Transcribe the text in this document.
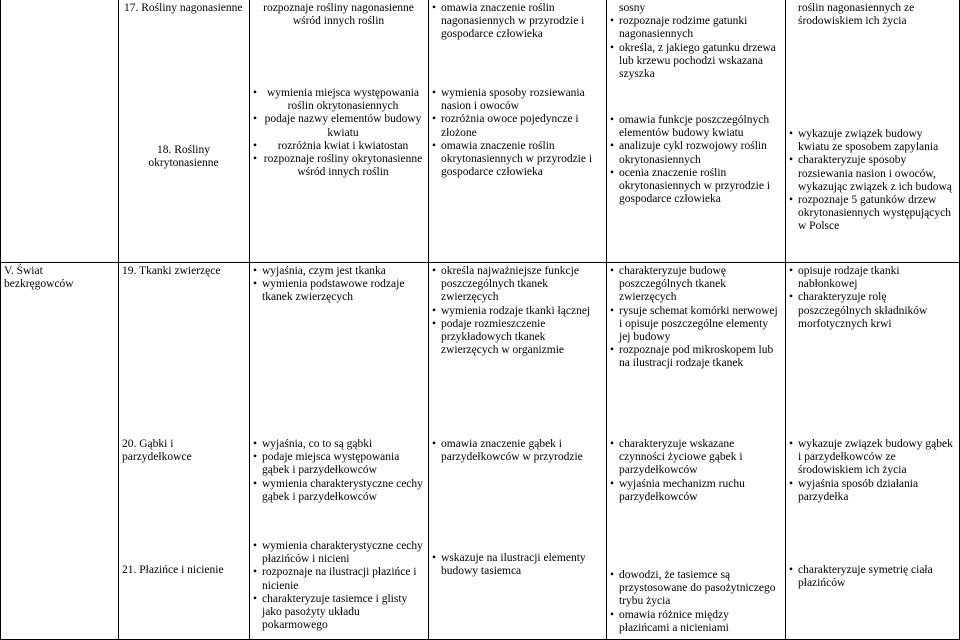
17. Rośliny nagonasienne
18. Rośliny okrytonasienne
rozpoznaje rośliny nagonasienne wśród innych roślin
• wymienia miejsca występowania roślin okrytonasiennych
• podaje nazwy elementów budowy kwiatu
• rozróżnia kwiat i kwiatostan
• rozpoznaje rośliny okrytonasienne wśród innych roślin
• omawia znaczenie roślin nagonasiennych w przyrodzie i gospodarce człowieka
• wymienia sposoby rozsiewania nasion i owoców
• rozróżnia owoce pojedyncze i złożone
• omawia znaczenie roślin okrytonasiennych w przyrodzie i gospodarce człowieka
sosny
• rozpoznaje rodzime gatunki nagonasiennych
• określa, z jakiego gatunku drzewa lub krzewu pochodzi wskazana szyszka
• omawia funkcje poszczególnych elementów budowy kwiatu
• analizuje cykl rozwojowy roślin okrytonasiennych
• ocenia znaczenie roślin okrytonasiennych w przyrodzie i gospodarce człowieka
roślin nagonasiennych ze środowiskiem ich życia
• wykazuje związek budowy kwiatu ze sposobem zapylania
• charakteryzuje sposoby rozsiewania nasion i owoców, wykazując związek z ich budową
• rozpoznaje 5 gatunków drzew okrytonasiennych występujących w Polsce
V. Świat bezkręgowców
19. Tkanki zwierzęce	• wyjaśnia, czym jest tkanka
• wymienia podstawowe rodzaje tkanek zwierzęcych
• określa najważniejsze funkcje poszczególnych tkanek zwierzęcych
• wymienia rodzaje tkanki łącznej
• podaje rozmieszczenie przykładowych tkanek zwierzęcych w organizmie
• charakteryzuje budowę poszczególnych tkanek zwierzęcych
• rysuje schemat komórki nerwowej i opisuje poszczególne elementy jej budowy
• rozpoznaje pod mikroskopem lub na ilustracji rodzaje tkanek
• opisuje rodzaje tkanki nabłonkowej
• charakteryzuje rolę poszczególnych składników morfotycznych krwi
20. Gąbki i parzydełkowce
• wyjaśnia, co to są gąbki
• podaje miejsca występowania gąbek i parzydełkowców
• wymienia charakterystyczne cechy gąbek i parzydełkowców
• omawia znaczenie gąbek i parzydełkowców w przyrodzie
• charakteryzuje wskazane czynności życiowe gąbek i parzydełkowców
• wyjaśnia mechanizm ruchu parzydełkowców
• wykazuje związek budowy gąbek i parzydełkowców ze środowiskiem ich życia
• wyjaśnia sposób działania parzydełka
21. Płazińce i nicienie
• wymienia charakterystyczne cechy płazińców i nicieni
• rozpoznaje na ilustracji płazińce i nicienie
• charakteryzuje tasiemce i glisty jako pasożyty układu pokarmowego
• wskazuje na ilustracji elementy budowy tasiemca	• dowodzi, że tasiemce są przystosowane do pasożytniczego trybu życia
• omawia różnice między płazińcami a nicieniami
• charakteryzuje symetrię ciała płazińców
